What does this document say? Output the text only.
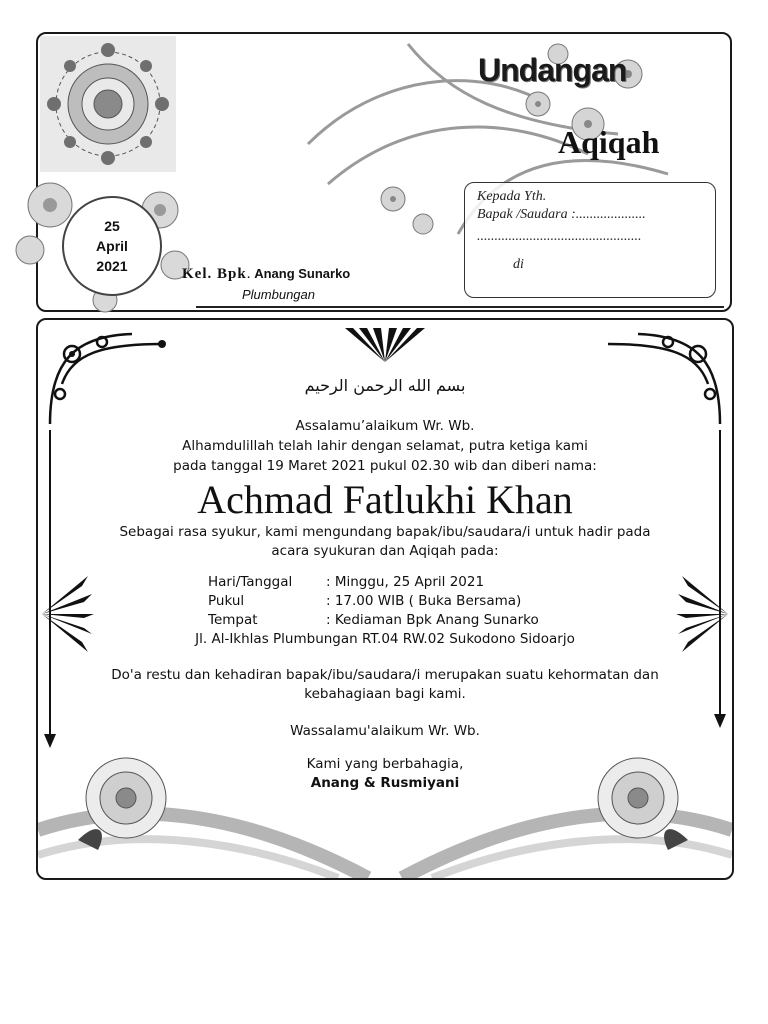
Undangan
Aqiqah
Kepada Yth.
Bapak /Saudara :....................
...............................................
di
25
April
2021	Kel. Bpk. Anang Sunarko
Plumbungan
بسم الله الرحمن الرحيم
Assalamu’alaikum Wr. Wb.
Alhamdulillah telah lahir dengan selamat, putra ketiga kami
pada tanggal 19 Maret 2021 pukul 02.30 wib dan diberi nama:
Achmad Fatlukhi Khan
Sebagai rasa syukur, kami mengundang bapak/ibu/saudara/i untuk hadir pada
acara syukuran dan Aqiqah pada:
Hari/Tanggal : Minggu, 25 April 2021
Pukul	: 17.00 WIB ( Buka Bersama)
Tempat	: Kediaman Bpk Anang Sunarko
Jl. Al-Ikhlas Plumbungan RT.04 RW.02 Sukodono Sidoarjo
Do'a restu dan kehadiran bapak/ibu/saudara/i merupakan suatu kehormatan dan
kebahagiaan bagi kami.
Wassalamu'alaikum Wr. Wb.
Kami yang berbahagia,
Anang & Rusmiyani
